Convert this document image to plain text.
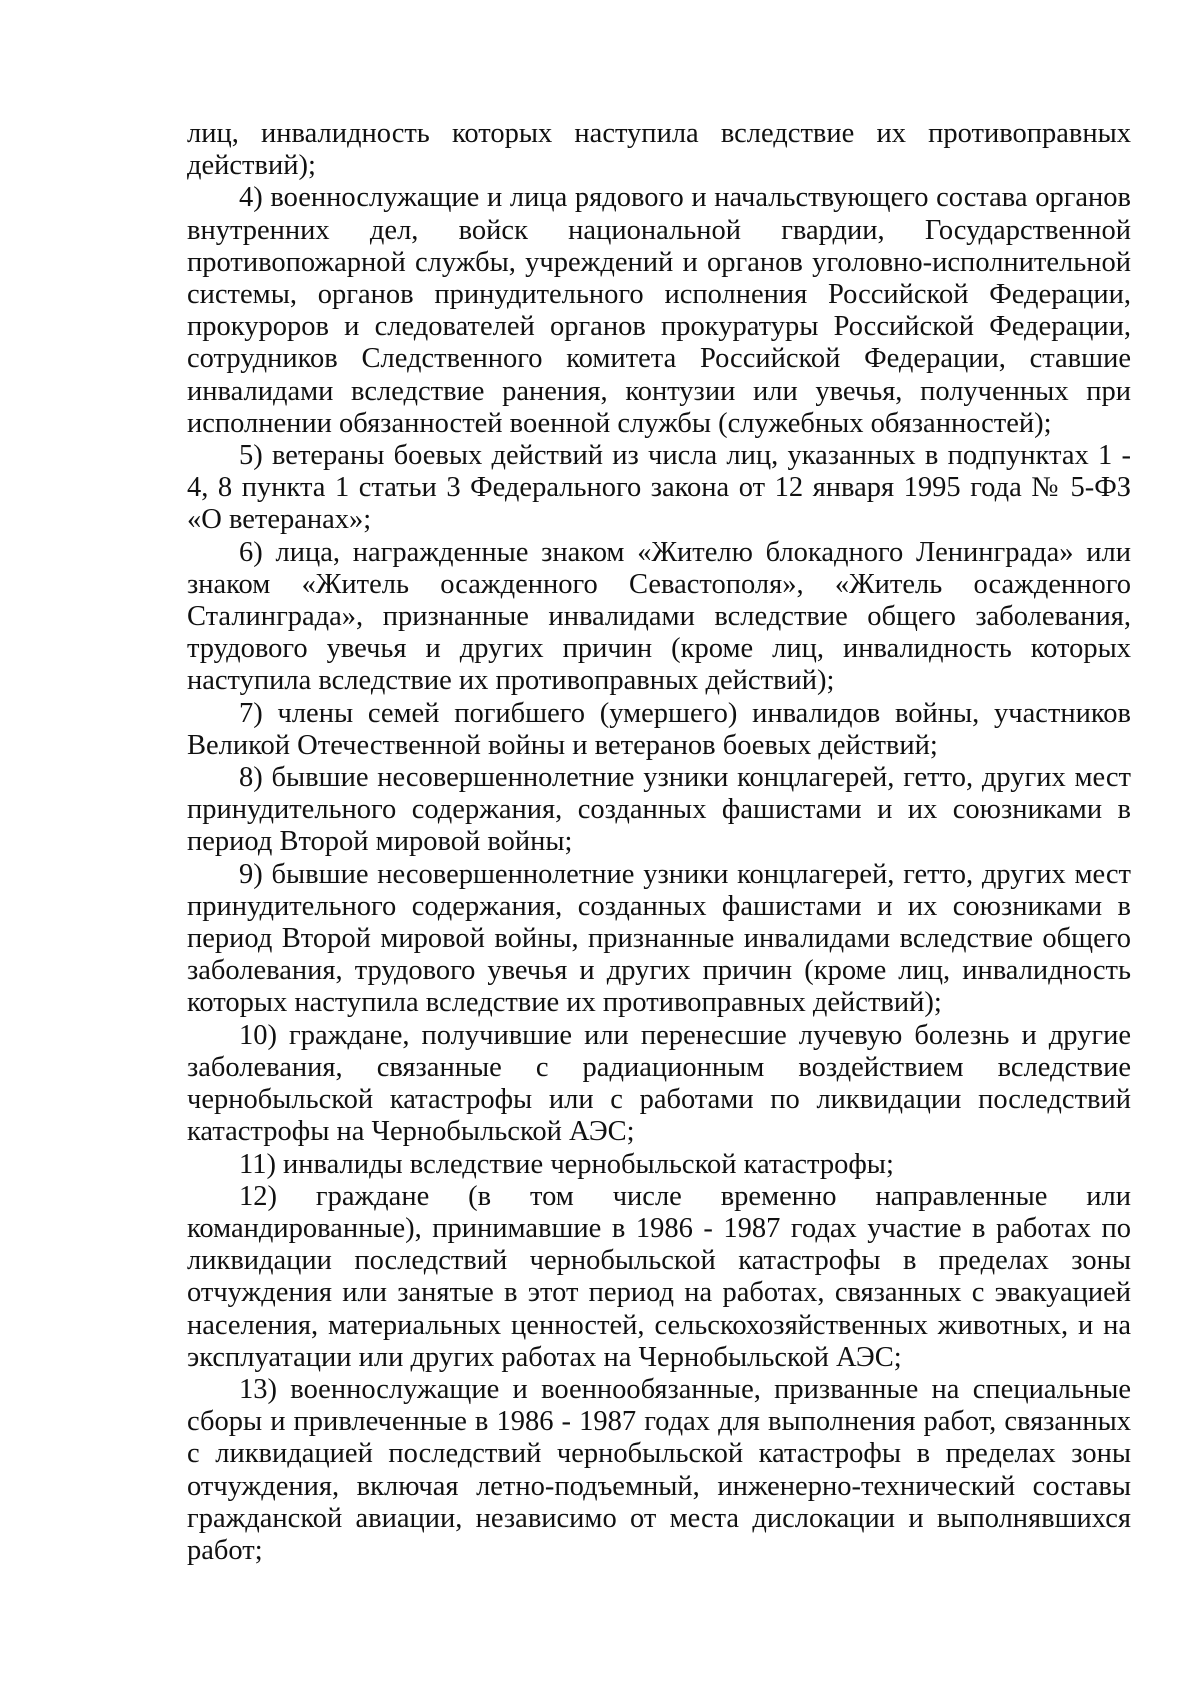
лиц, инвалидность которых наступила вследствие их противоправных действий);

4) военнослужащие и лица рядового и начальствующего состава органов внутренних дел, войск национальной гвардии, Государственной противопожарной службы, учреждений и органов уголовно-исполнительной системы, органов принудительного исполнения Российской Федерации, прокуроров и следователей органов прокуратуры Российской Федерации, сотрудников Следственного комитета Российской Федерации, ставшие инвалидами вследствие ранения, контузии или увечья, полученных при исполнении обязанностей военной службы (служебных обязанностей);

5) ветераны боевых действий из числа лиц, указанных в подпунктах 1 - 4, 8 пункта 1 статьи 3 Федерального закона от 12 января 1995 года № 5-ФЗ «О ветеранах»;

6) лица, награжденные знаком «Жителю блокадного Ленинграда» или знаком «Житель осажденного Севастополя», «Житель осажденного Сталинграда», признанные инвалидами вследствие общего заболевания, трудового увечья и других причин (кроме лиц, инвалидность которых наступила вследствие их противоправных действий);

7) члены семей погибшего (умершего) инвалидов войны, участников Великой Отечественной войны и ветеранов боевых действий;

8) бывшие несовершеннолетние узники концлагерей, гетто, других мест принудительного содержания, созданных фашистами и их союзниками в период Второй мировой войны;

9) бывшие несовершеннолетние узники концлагерей, гетто, других мест принудительного содержания, созданных фашистами и их союзниками в период Второй мировой войны, признанные инвалидами вследствие общего заболевания, трудового увечья и других причин (кроме лиц, инвалидность которых наступила вследствие их противоправных действий);

10) граждане, получившие или перенесшие лучевую болезнь и другие заболевания, связанные с радиационным воздействием вследствие чернобыльской катастрофы или с работами по ликвидации последствий катастрофы на Чернобыльской АЭС;

11) инвалиды вследствие чернобыльской катастрофы;

12) граждане (в том числе временно направленные или командированные), принимавшие в 1986 - 1987 годах участие в работах по ликвидации последствий чернобыльской катастрофы в пределах зоны отчуждения или занятые в этот период на работах, связанных с эвакуацией населения, материальных ценностей, сельскохозяйственных животных, и на эксплуатации или других работах на Чернобыльской АЭС;

13) военнослужащие и военнообязанные, призванные на специальные сборы и привлеченные в 1986 - 1987 годах для выполнения работ, связанных с ликвидацией последствий чернобыльской катастрофы в пределах зоны отчуждения, включая летно-подъемный, инженерно-технический составы гражданской авиации, независимо от места дислокации и выполнявшихся работ;
